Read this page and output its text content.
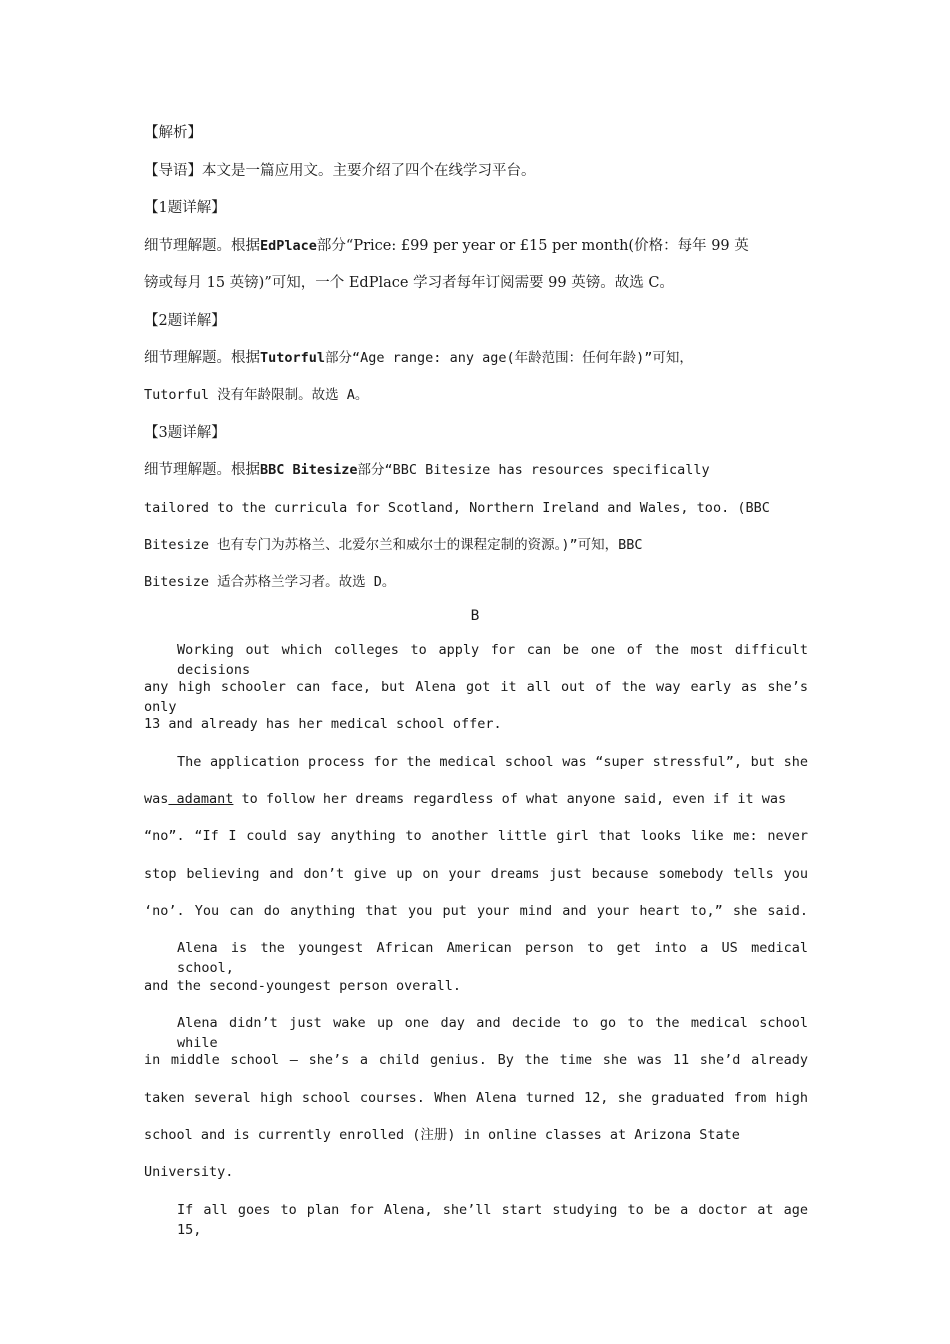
【解析】
【导语】本文是一篇应用文。主要介绍了四个在线学习平台。
【1题详解】
细节理解题。根据EdPlace部分“Price: £99 per year or £15 per month(价格：每年 99 英
镑或每月 15 英镑)”可知，一个 EdPlace 学习者每年订阅需要 99 英镑。故选 C。
【2题详解】
细节理解题。根据Tutorful部分“Age range: any age(年龄范围：任何年龄)”可知，
Tutorful 没有年龄限制。故选 A。
【3题详解】
细节理解题。根据BBC Bitesize部分“BBC Bitesize has resources specifically
tailored to the curricula for Scotland, Northern Ireland and Wales, too. (BBC
Bitesize 也有专门为苏格兰、北爱尔兰和威尔士的课程定制的资源。)”可知，BBC
Bitesize 适合苏格兰学习者。故选 D。
B
Working out which colleges to apply for can be one of the most difficult decisions
any high schooler can face, but Alena got it all out of the way early as she’s only
13 and already has her medical school offer.
The application process for the medical school was “super stressful”, but she
was adamant to follow her dreams regardless of what anyone said, even if it was
“no”. “If I could say anything to another little girl that looks like me: never
stop believing and don’t give up on your dreams just because somebody tells you
‘no’. You can do anything that you put your mind and your heart to,” she said.
Alena is the youngest African American person to get into a US medical school,
and the second-youngest person overall.
Alena didn’t just wake up one day and decide to go to the medical school while
in middle school — she’s a child genius. By the time she was 11 she’d already
taken several high school courses. When Alena turned 12, she graduated from high
school and is currently enrolled (注册) in online classes at Arizona State
University.
If all goes to plan for Alena, she’ll start studying to be a doctor at age 15,
